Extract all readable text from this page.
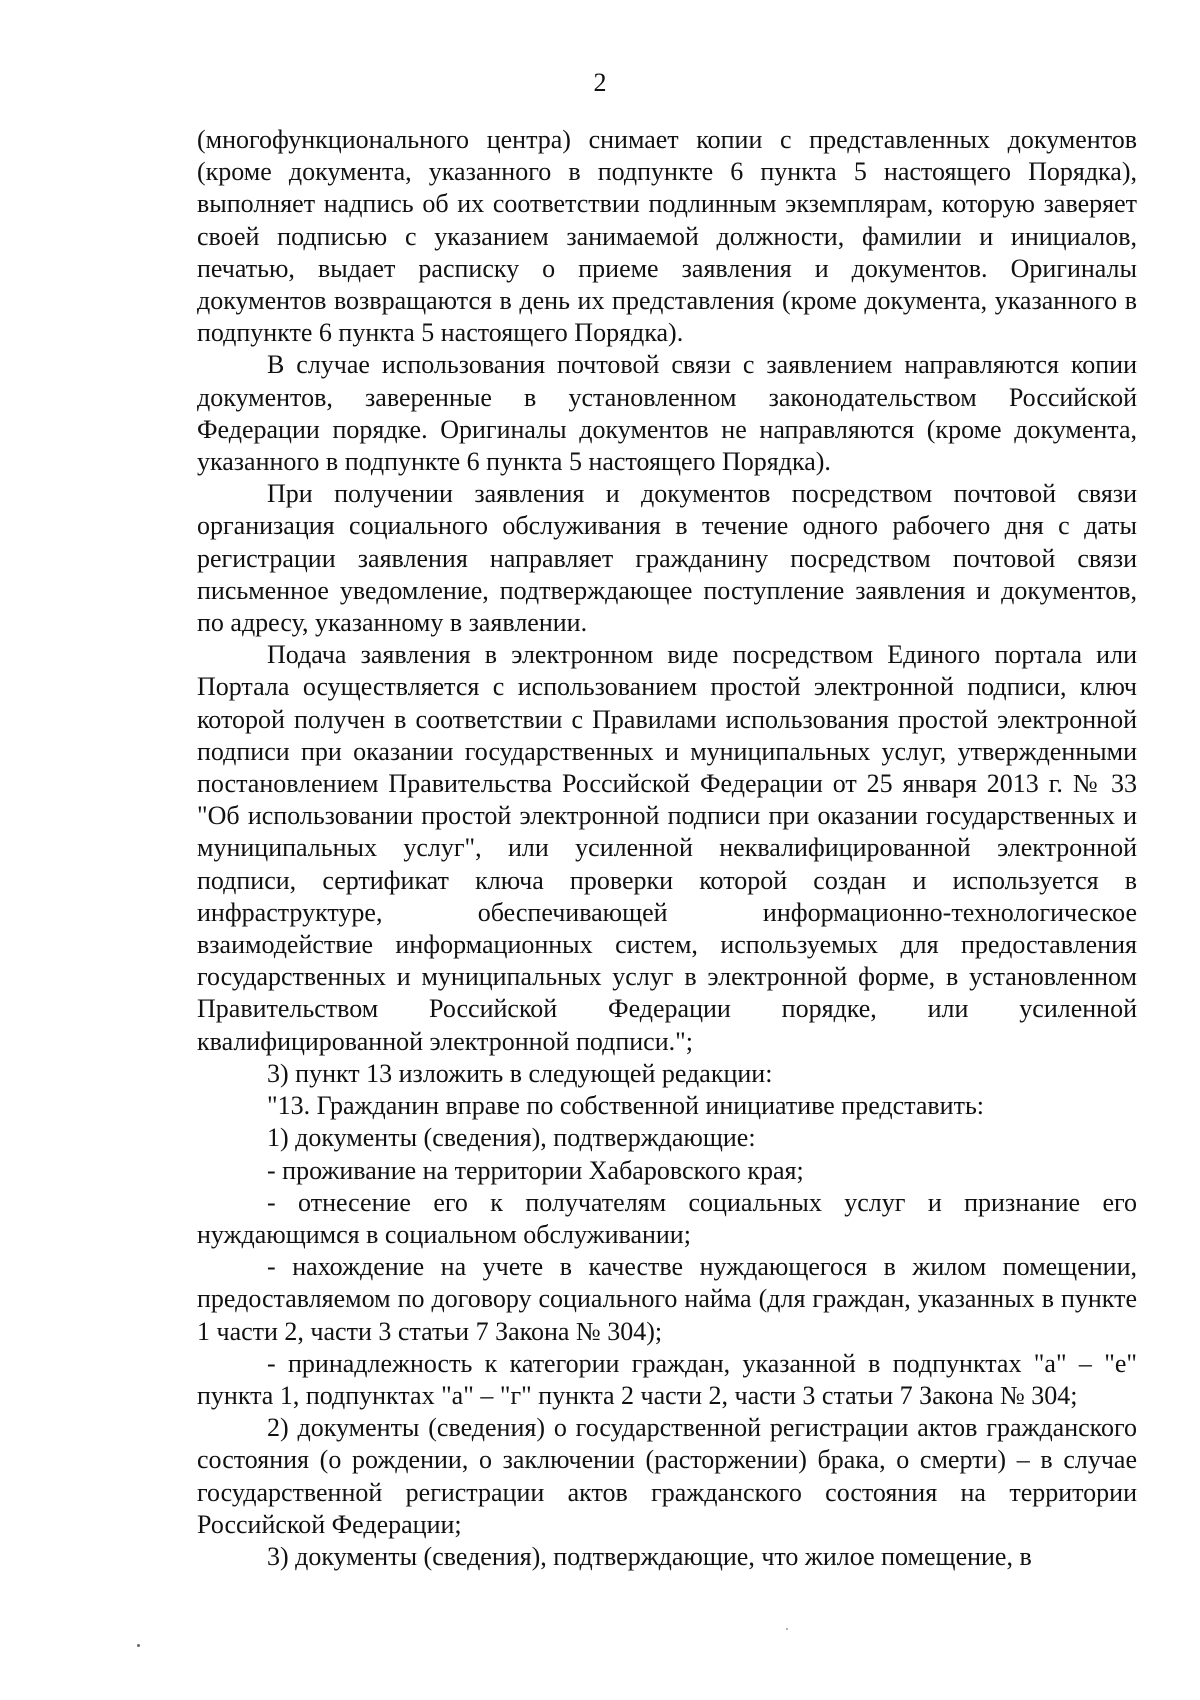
2

(многофункционального центра) снимает копии с представленных документов (кроме документа, указанного в подпункте 6 пункта 5 настоящего Порядка), выполняет надпись об их соответствии подлинным экземплярам, которую заверяет своей подписью с указанием занимаемой должности, фамилии и инициалов, печатью, выдает расписку о приеме заявления и документов. Оригиналы документов возвращаются в день их представления (кроме документа, указанного в подпункте 6 пункта 5 настоящего Порядка).

В случае использования почтовой связи с заявлением направляются копии документов, заверенные в установленном законодательством Российской Федерации порядке. Оригиналы документов не направляются (кроме документа, указанного в подпункте 6 пункта 5 настоящего Порядка).

При получении заявления и документов посредством почтовой связи организация социального обслуживания в течение одного рабочего дня с даты регистрации заявления направляет гражданину посредством почтовой связи письменное уведомление, подтверждающее поступление заявления и документов, по адресу, указанному в заявлении.

Подача заявления в электронном виде посредством Единого портала или Портала осуществляется с использованием простой электронной подписи, ключ которой получен в соответствии с Правилами использования простой электронной подписи при оказании государственных и муниципальных услуг, утвержденными постановлением Правительства Российской Федерации от 25 января 2013 г. № 33 "Об использовании простой электронной подписи при оказании государственных и муниципальных услуг", или усиленной неквалифицированной электронной подписи, сертификат ключа проверки которой создан и используется в инфраструктуре, обеспечивающей информационно-технологическое взаимодействие информационных систем, используемых для предоставления государственных и муниципальных услуг в электронной форме, в установленном Правительством Российской Федерации порядке, или усиленной квалифицированной электронной подписи.";

3) пункт 13 изложить в следующей редакции:

"13. Гражданин вправе по собственной инициативе представить:

1) документы (сведения), подтверждающие:

- проживание на территории Хабаровского края;

- отнесение его к получателям социальных услуг и признание его нуждающимся в социальном обслуживании;

- нахождение на учете в качестве нуждающегося в жилом помещении, предоставляемом по договору социального найма (для граждан, указанных в пункте 1 части 2, части 3 статьи 7 Закона № 304);

- принадлежность к категории граждан, указанной в подпунктах "а" – "е" пункта 1, подпунктах "а" – "г" пункта 2 части 2, части 3 статьи 7 Закона № 304;

2) документы (сведения) о государственной регистрации актов гражданского состояния (о рождении, о заключении (расторжении) брака, о смерти) – в случае государственной регистрации актов гражданского состояния на территории Российской Федерации;

3) документы (сведения), подтверждающие, что жилое помещение, в
